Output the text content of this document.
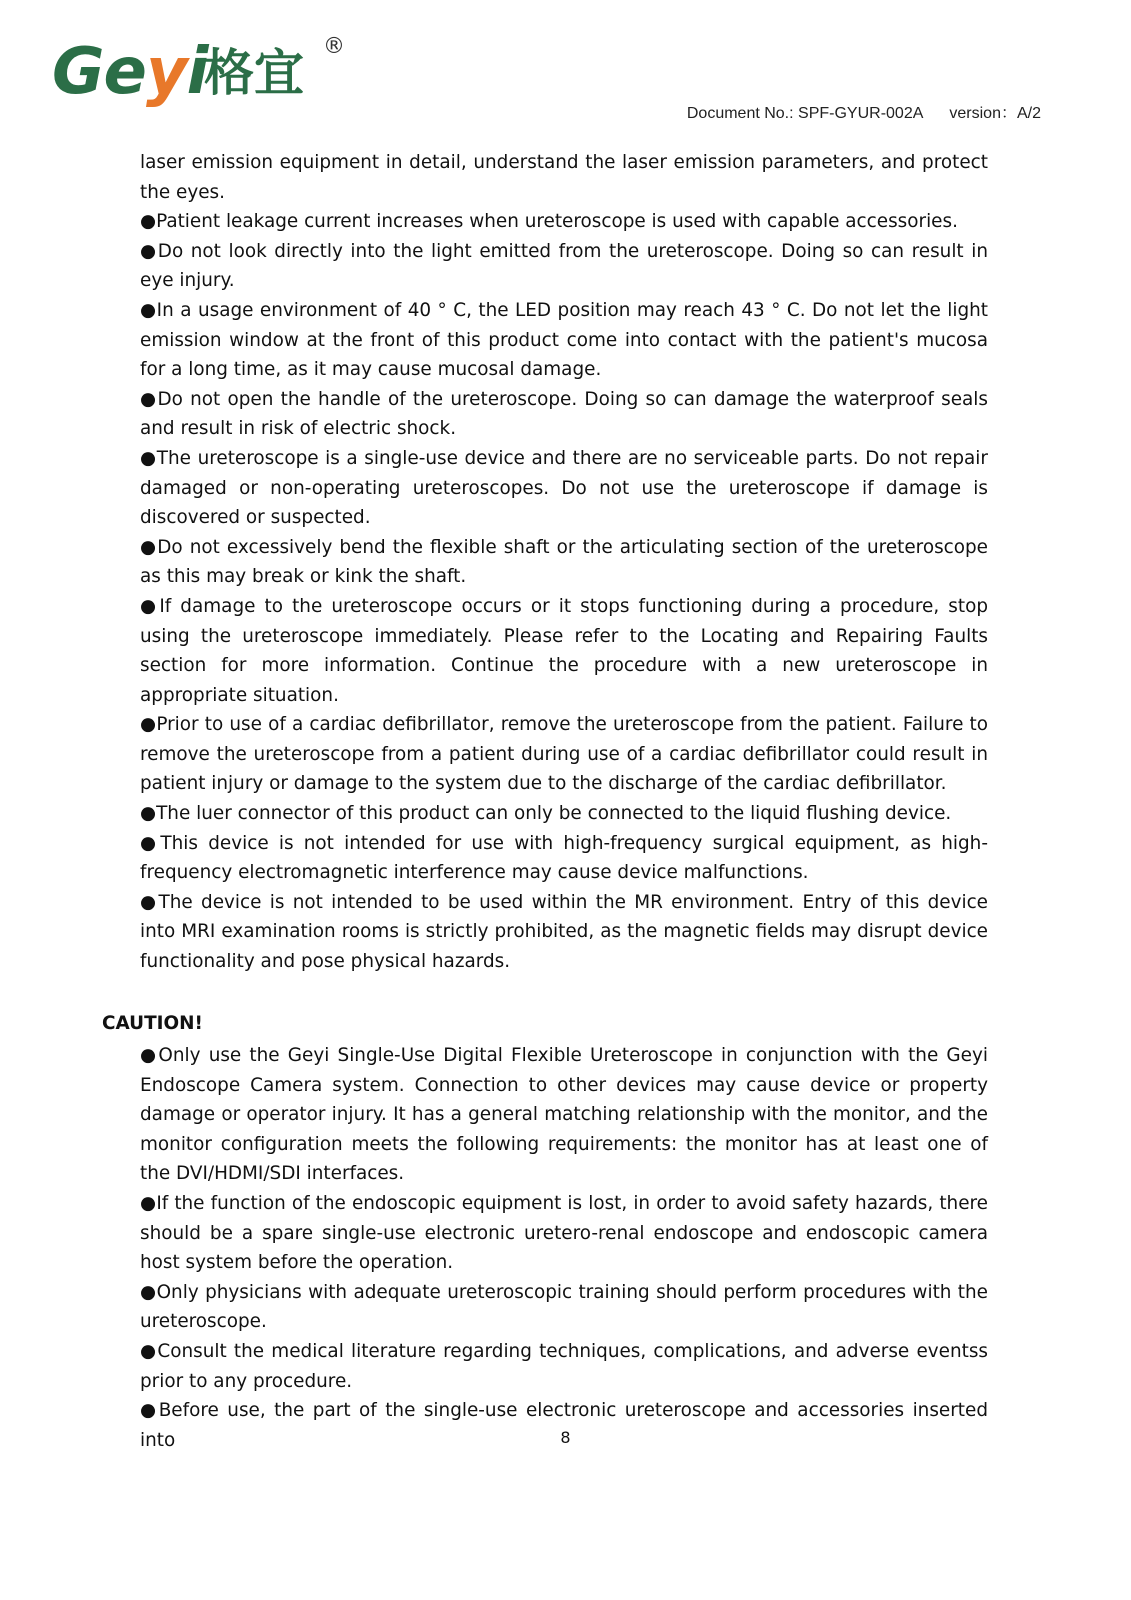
Geyi
格宜 ®
Document No.: SPF-GYUR-002A version：A/2

laser emission equipment in detail, understand the laser emission parameters, and protect the eyes.

● Patient leakage current increases when ureteroscope is used with capable accessories.

● Do not look directly into the light emitted from the ureteroscope. Doing so can result in eye injury.

● In a usage environment of 40 ° C, the LED position may reach 43 ° C. Do not let the light emission window at the front of this product come into contact with the patient's mucosa for a long time, as it may cause mucosal damage.

● Do not open the handle of the ureteroscope. Doing so can damage the waterproof seals and result in risk of electric shock.

● The ureteroscope is a single-use device and there are no serviceable parts. Do not repair damaged or non-operating ureteroscopes. Do not use the ureteroscope if damage is discovered or suspected.

● Do not excessively bend the flexible shaft or the articulating section of the ureteroscope as this may break or kink the shaft.

● If damage to the ureteroscope occurs or it stops functioning during a procedure, stop using the ureteroscope immediately. Please refer to the Locating and Repairing Faults section for more information. Continue the procedure with a new ureteroscope in appropriate situation.

● Prior to use of a cardiac defibrillator, remove the ureteroscope from the patient. Failure to remove the ureteroscope from a patient during use of a cardiac defibrillator could result in patient injury or damage to the system due to the discharge of the cardiac defibrillator.

● The luer connector of this product can only be connected to the liquid flushing device.

● This device is not intended for use with high-frequency surgical equipment, as high-frequency electromagnetic interference may cause device malfunctions.

● The device is not intended to be used within the MR environment. Entry of this device into MRI examination rooms is strictly prohibited, as the magnetic fields may disrupt device functionality and pose physical hazards.

CAUTION!

● Only use the Geyi Single-Use Digital Flexible Ureteroscope in conjunction with the Geyi Endoscope Camera system. Connection to other devices may cause device or property damage or operator injury. It has a general matching relationship with the monitor, and the monitor configuration meets the following requirements: the monitor has at least one of the DVI/HDMI/SDI interfaces.

● If the function of the endoscopic equipment is lost, in order to avoid safety hazards, there should be a spare single-use electronic uretero-renal endoscope and endoscopic camera host system before the operation.

● Only physicians with adequate ureteroscopic training should perform procedures with the ureteroscope.

● Consult the medical literature regarding techniques, complications, and adverse eventss prior to any procedure.

● Before use, the part of the single-use electronic ureteroscope and accessories inserted into	8
